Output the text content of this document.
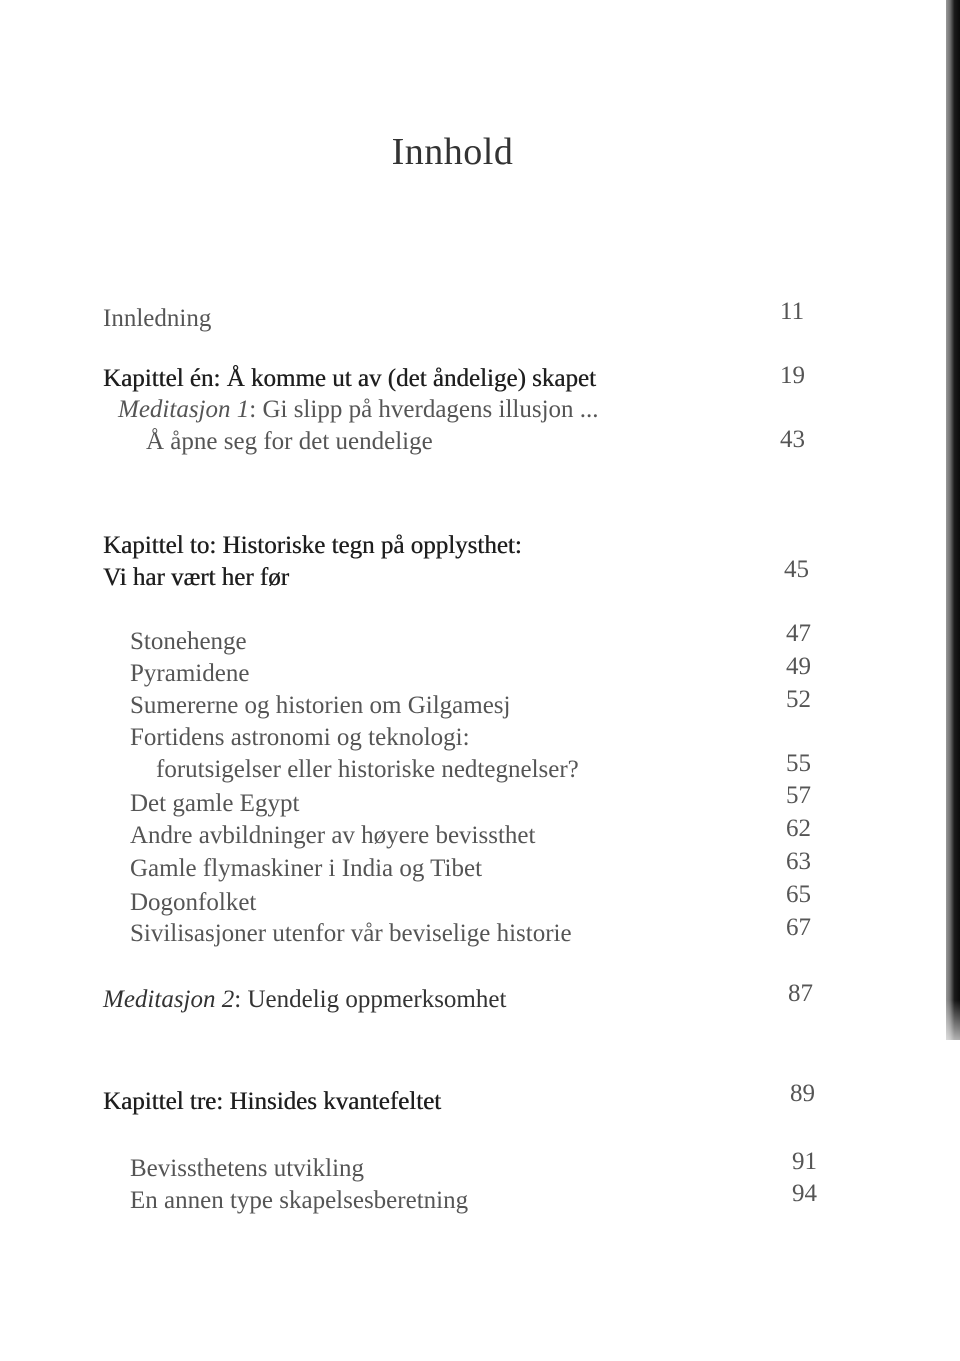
Innhold
Innledning	11
Kapittel én: Å komme ut av (det åndelige) skapet	19
Meditasjon 1: Gi slipp på hverdagens illusjon ...
Å åpne seg for det uendelige	43
Kapittel to: Historiske tegn på opplysthet:
Vi har vært her før	45
Stonehenge	47
Pyramidene	49
Sumererne og historien om Gilgamesj	52
Fortidens astronomi og teknologi:
forutsigelser eller historiske nedtegnelser?	55
Det gamle Egypt	57
Andre avbildninger av høyere bevissthet	62
Gamle flymaskiner i India og Tibet	63
Dogonfolket	65
Sivilisasjoner utenfor vår beviselige historie	67
Meditasjon 2: Uendelig oppmerksomhet	87
Kapittel tre: Hinsides kvantefeltet	89
Bevissthetens utvikling	91
En annen type skapelsesberetning	94
